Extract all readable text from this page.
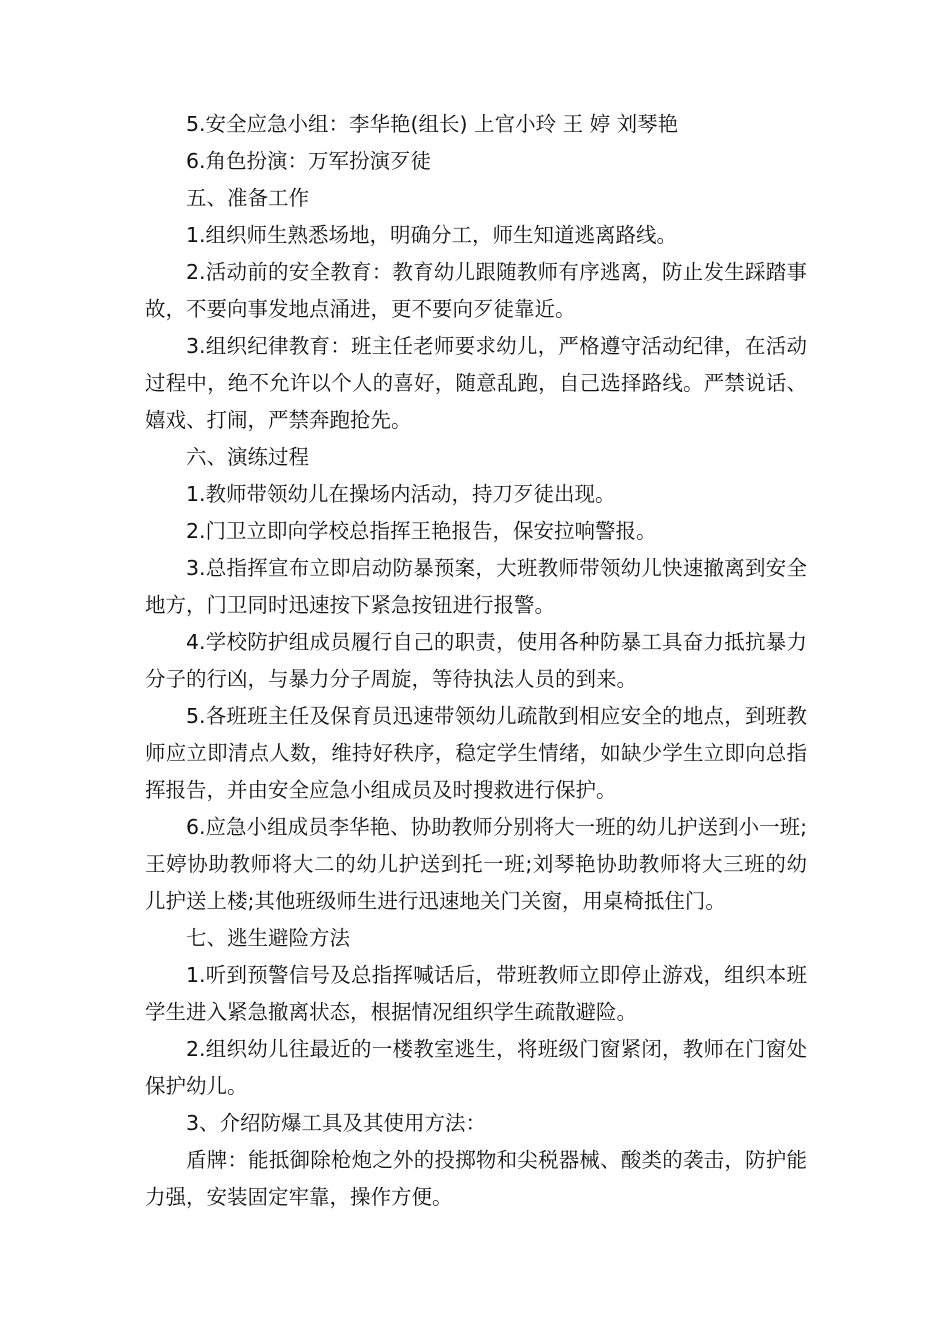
5.安全应急小组：李华艳(组长) 上官小玲 王 婷 刘琴艳

6.角色扮演：万军扮演歹徒

五、准备工作

1.组织师生熟悉场地，明确分工，师生知道逃离路线。

2.活动前的安全教育：教育幼儿跟随教师有序逃离，防止发生踩踏事故，不要向事发地点涌进，更不要向歹徒靠近。

3.组织纪律教育：班主任老师要求幼儿，严格遵守活动纪律，在活动过程中，绝不允许以个人的喜好，随意乱跑，自己选择路线。严禁说话、嬉戏、打闹，严禁奔跑抢先。

六、演练过程

1.教师带领幼儿在操场内活动，持刀歹徒出现。

2.门卫立即向学校总指挥王艳报告，保安拉响警报。

3.总指挥宣布立即启动防暴预案，大班教师带领幼儿快速撤离到安全地方，门卫同时迅速按下紧急按钮进行报警。

4.学校防护组成员履行自己的职责，使用各种防暴工具奋力抵抗暴力分子的行凶，与暴力分子周旋，等待执法人员的到来。

5.各班班主任及保育员迅速带领幼儿疏散到相应安全的地点，到班教师应立即清点人数，维持好秩序，稳定学生情绪，如缺少学生立即向总指挥报告，并由安全应急小组成员及时搜救进行保护。

6.应急小组成员李华艳、协助教师分别将大一班的幼儿护送到小一班;王婷协助教师将大二的幼儿护送到托一班;刘琴艳协助教师将大三班的幼儿护送上楼;其他班级师生进行迅速地关门关窗，用桌椅抵住门。

七、逃生避险方法

1.听到预警信号及总指挥喊话后，带班教师立即停止游戏，组织本班学生进入紧急撤离状态，根据情况组织学生疏散避险。

2.组织幼儿往最近的一楼教室逃生，将班级门窗紧闭，教师在门窗处保护幼儿。

3、介绍防爆工具及其使用方法：

盾牌：能抵御除枪炮之外的投掷物和尖税器械、酸类的袭击，防护能力强，安装固定牢靠，操作方便。
